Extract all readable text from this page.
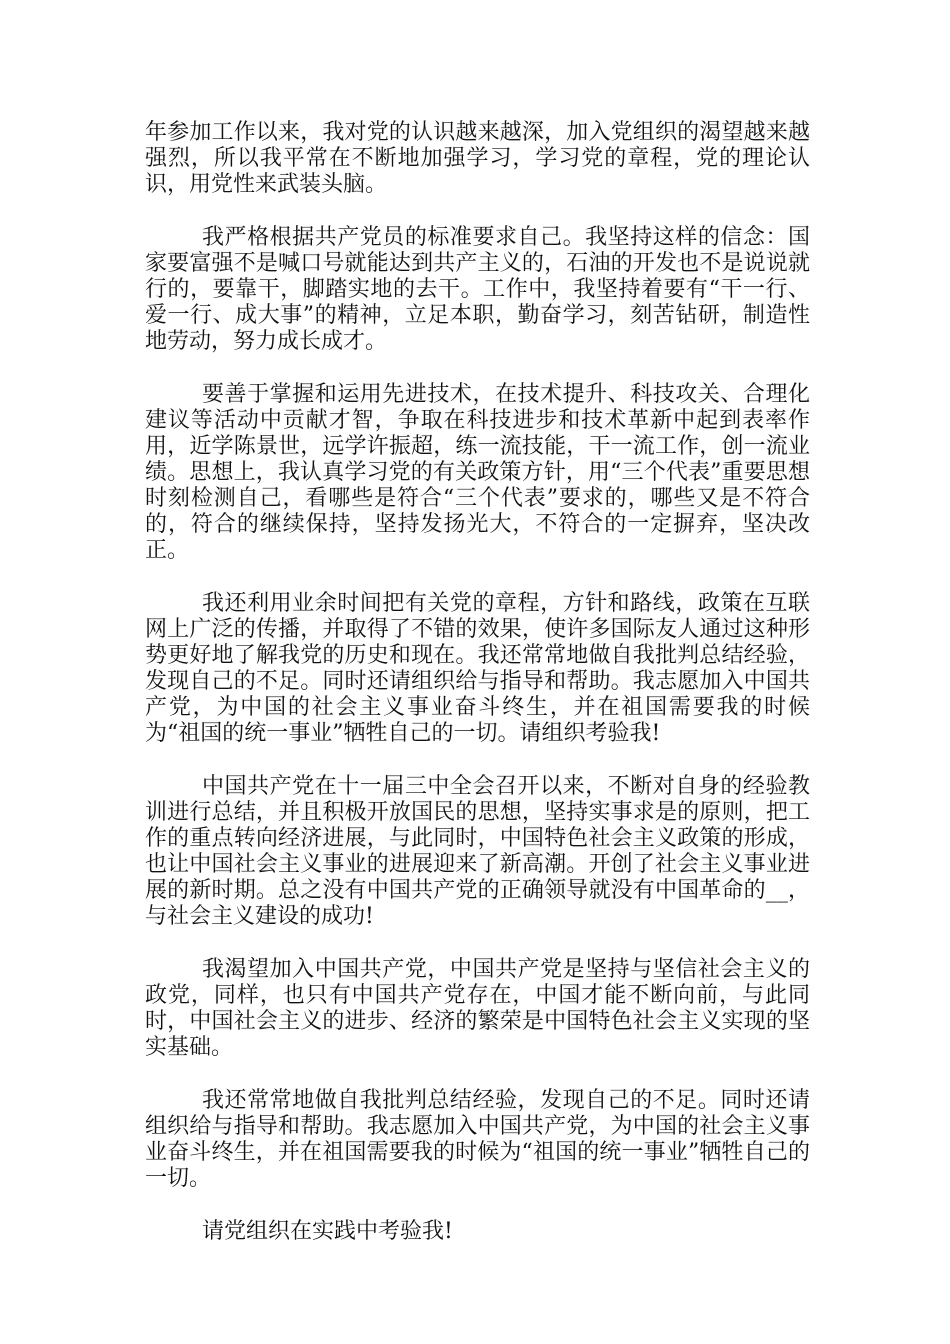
年参加工作以来，我对党的认识越来越深，加入党组织的渴望越来越强烈，所以我平常在不断地加强学习，学习党的章程，党的理论认识，用党性来武装头脑。

我严格根据共产党员的标准要求自己。我坚持这样的信念：国家要富强不是喊口号就能达到共产主义的，石油的开发也不是说说就行的，要靠干，脚踏实地的去干。工作中，我坚持着要有“干一行、爱一行、成大事”的精神，立足本职，勤奋学习，刻苦钻研，制造性地劳动，努力成长成才。

要善于掌握和运用先进技术，在技术提升、科技攻关、合理化建议等活动中贡献才智，争取在科技进步和技术革新中起到表率作用，近学陈景世，远学许振超，练一流技能，干一流工作，创一流业绩。思想上，我认真学习党的有关政策方针，用“三个代表”重要思想时刻检测自己，看哪些是符合“三个代表”要求的，哪些又是不符合的，符合的继续保持，坚持发扬光大，不符合的一定摒弃，坚决改正。

我还利用业余时间把有关党的章程，方针和路线，政策在互联网上广泛的传播，并取得了不错的效果，使许多国际友人通过这种形势更好地了解我党的历史和现在。我还常常地做自我批判总结经验，发现自己的不足。同时还请组织给与指导和帮助。我志愿加入中国共产党，为中国的社会主义事业奋斗终生，并在祖国需要我的时候为“祖国的统一事业”牺牲自己的一切。请组织考验我!

中国共产党在十一届三中全会召开以来，不断对自身的经验教训进行总结，并且积极开放国民的思想，坚持实事求是的原则，把工作的重点转向经济进展，与此同时，中国特色社会主义政策的形成，也让中国社会主义事业的进展迎来了新高潮。开创了社会主义事业进展的新时期。总之没有中国共产党的正确领导就没有中国革命的__，与社会主义建设的成功!

我渴望加入中国共产党，中国共产党是坚持与坚信社会主义的政党，同样，也只有中国共产党存在，中国才能不断向前，与此同时，中国社会主义的进步、经济的繁荣是中国特色社会主义实现的坚实基础。

我还常常地做自我批判总结经验，发现自己的不足。同时还请组织给与指导和帮助。我志愿加入中国共产党，为中国的社会主义事业奋斗终生，并在祖国需要我的时候为“祖国的统一事业”牺牲自己的一切。

请党组织在实践中考验我!
